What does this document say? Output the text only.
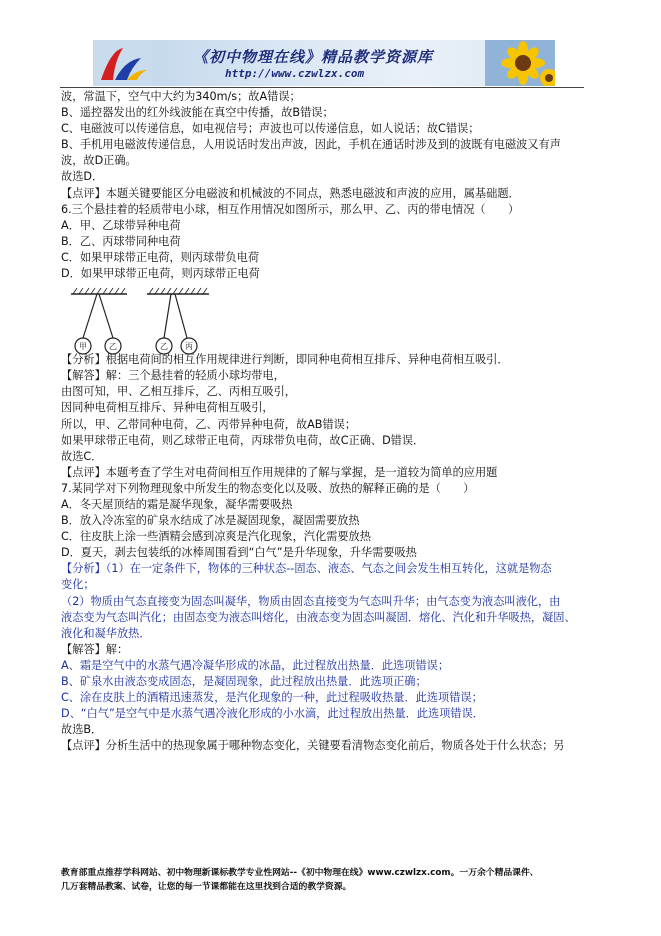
《初中物理在线》精品教学资源库
http://www.czwlzx.com
波，常温下，空气中大约为340m/s；故A错误；
B、遥控器发出的红外线波能在真空中传播，故B错误；
C、电磁波可以传递信息，如电视信号；声波也可以传递信息，如人说话；故C错误；
B、手机用电磁波传递信息，人用说话时发出声波，因此，手机在通话时涉及到的波既有电磁波又有声
波，故D正确。
故选D．
【点评】本题关键要能区分电磁波和机械波的不同点，熟悉电磁波和声波的应用，属基础题．
6.三个悬挂着的轻质带电小球，相互作用情况如图所示，那么甲、乙、丙的带电情况（　　）
A．甲、乙球带异种电荷
B．乙、丙球带同种电荷
C．如果甲球带正电荷，则丙球带负电荷
D．如果甲球带正电荷，则丙球带正电荷
甲	乙	乙 丙
【分析】根据电荷间的相互作用规律进行判断，即同种电荷相互排斥、异种电荷相互吸引．
【解答】解：三个悬挂着的轻质小球均带电，
由图可知，甲、乙相互排斥，乙、丙相互吸引，
因同种电荷相互排斥、异种电荷相互吸引，
所以，甲、乙带同种电荷，乙、丙带异种电荷，故AB错误；
如果甲球带正电荷，则乙球带正电荷，丙球带负电荷，故C正确、D错误．
故选C．
【点评】本题考查了学生对电荷间相互作用规律的了解与掌握，是一道较为简单的应用题
7.某同学对下列物理现象中所发生的物态变化以及吸、放热的解释正确的是（　　）
A．冬天屋顶结的霜是凝华现象，凝华需要吸热
B．放入冷冻室的矿泉水结成了冰是凝固现象，凝固需要放热
C．往皮肤上涂一些酒精会感到凉爽是汽化现象，汽化需要放热
D．夏天，剥去包装纸的冰棒周围看到“白气”是升华现象，升华需要吸热
【分析】（1）在一定条件下，物体的三种状态--固态、液态、气态之间会发生相互转化，这就是物态
变化；
（2）物质由气态直接变为固态叫凝华，物质由固态直接变为气态叫升华；由气态变为液态叫液化，由
液态变为气态叫汽化；由固态变为液态叫熔化，由液态变为固态叫凝固．熔化、汽化和升华吸热，凝固、
液化和凝华放热．
【解答】解：
A、霜是空气中的水蒸气遇冷凝华形成的冰晶，此过程放出热量．此选项错误；
B、矿泉水由液态变成固态，是凝固现象，此过程放出热量．此选项正确；
C、涂在皮肤上的酒精迅速蒸发，是汽化现象的一种，此过程吸收热量．此选项错误；
D、“白气”是空气中是水蒸气遇冷液化形成的小水滴，此过程放出热量．此选项错误．
故选B．
【点评】分析生活中的热现象属于哪种物态变化，关键要看清物态变化前后，物质各处于什么状态；另
教育部重点推荐学科网站、初中物理新课标教学专业性网站--《初中物理在线》www.czwlzx.com。一万余个精品课件、
几万套精品教案、试卷，让您的每一节课都能在这里找到合适的教学资源。
